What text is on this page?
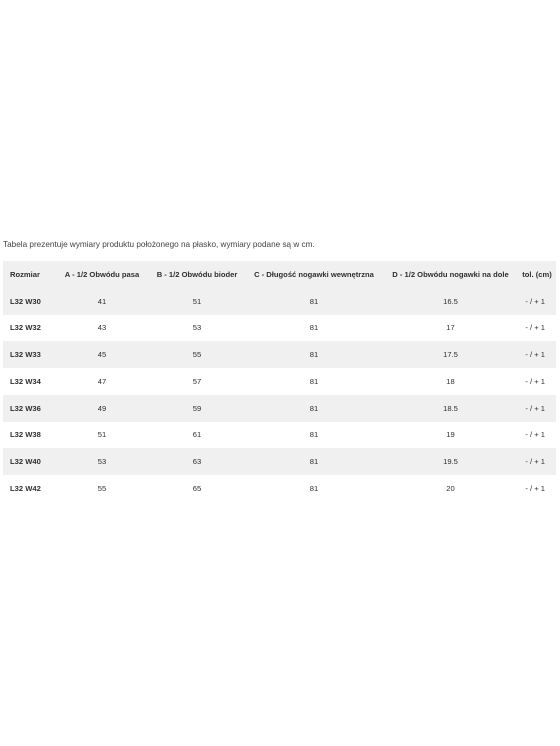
Tabela prezentuje wymiary produktu położonego na płasko, wymiary podane są w cm.
Rozmiar	A - 1/2 Obwódu pasa	B - 1/2 Obwódu bioder	C - Długość nogawki wewnętrzna	D - 1/2 Obwódu nogawki na dole	tol. (cm)
L32 W30	41	51	81	16.5	- / + 1
L32 W32	43	53	81	17	- / + 1
L32 W33	45	55	81	17.5	- / + 1
L32 W34	47	57	81	18	- / + 1
L32 W36	49	59	81	18.5	- / + 1
L32 W38	51	61	81	19	- / + 1
L32 W40	53	63	81	19.5	- / + 1
L32 W42	55	65	81	20	- / + 1
